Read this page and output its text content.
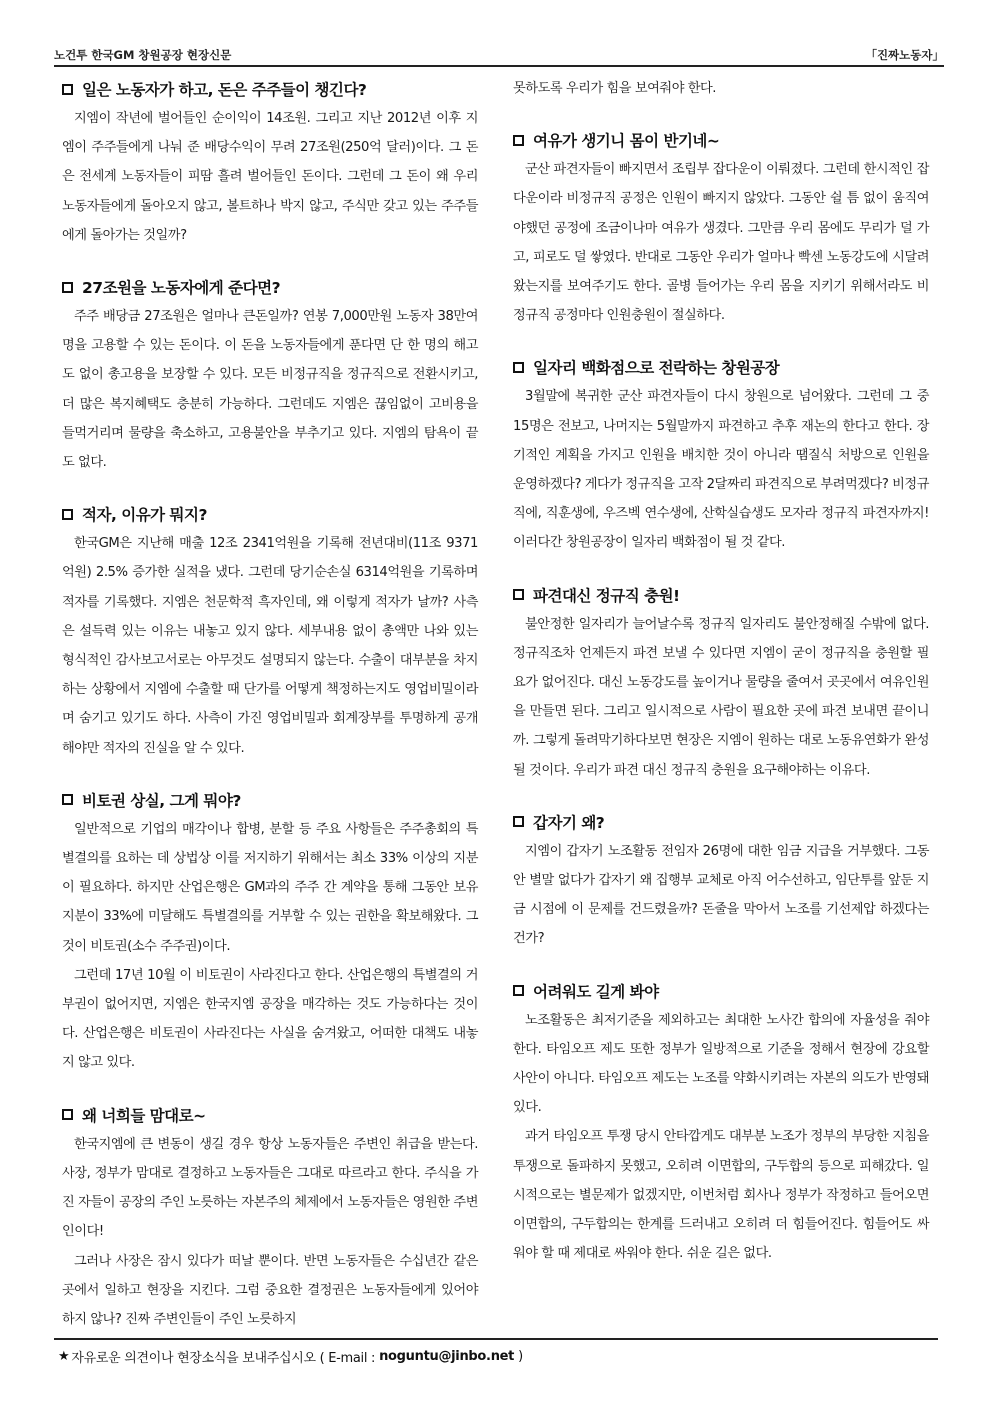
노건투 한국GM 창원공장 현장신문	「진짜노동자」
일은 노동자가 하고, 돈은 주주들이 챙긴다?

지엠이 작년에 벌어들인 순이익이 14조원. 그리고 지난 2012년 이후 지엠이 주주들에게 나눠 준 배당수익이 무려 27조원(250억 달러)이다. 그 돈은 전세계 노동자들이 피땀 흘려 벌어들인 돈이다. 그런데 그 돈이 왜 우리 노동자들에게 돌아오지 않고, 볼트하나 박지 않고, 주식만 갖고 있는 주주들에게 돌아가는 것일까?

27조원을 노동자에게 준다면?

주주 배당금 27조원은 얼마나 큰돈일까? 연봉 7,000만원 노동자 38만여 명을 고용할 수 있는 돈이다. 이 돈을 노동자들에게 푼다면 단 한 명의 해고도 없이 총고용을 보장할 수 있다. 모든 비정규직을 정규직으로 전환시키고, 더 많은 복지혜택도 충분히 가능하다. 그런데도 지엠은 끊임없이 고비용을 들먹거리며 물량을 축소하고, 고용불안을 부추기고 있다. 지엠의 탐욕이 끝도 없다.

적자, 이유가 뭐지?

한국GM은 지난해 매출 12조 2341억원을 기록해 전년대비(11조 9371억원) 2.5% 증가한 실적을 냈다. 그런데 당기순손실 6314억원을 기록하며 적자를 기록했다. 지엠은 천문학적 흑자인데, 왜 이렇게 적자가 날까? 사측은 설득력 있는 이유는 내놓고 있지 않다. 세부내용 없이 총액만 나와 있는 형식적인 감사보고서로는 아무것도 설명되지 않는다. 수출이 대부분을 차지하는 상황에서 지엠에 수출할 때 단가를 어떻게 책정하는지도 영업비밀이라며 숨기고 있기도 하다. 사측이 가진 영업비밀과 회계장부를 투명하게 공개해야만 적자의 진실을 알 수 있다.

비토권 상실, 그게 뭐야?

일반적으로 기업의 매각이나 합병, 분할 등 주요 사항들은 주주총회의 특별결의를 요하는 데 상법상 이를 저지하기 위해서는 최소 33% 이상의 지분이 필요하다. 하지만 산업은행은 GM과의 주주 간 계약을 통해 그동안 보유 지분이 33%에 미달해도 특별결의를 거부할 수 있는 권한을 확보해왔다. 그것이 비토권(소수 주주권)이다.

그런데 17년 10월 이 비토권이 사라진다고 한다. 산업은행의 특별결의 거부권이 없어지면, 지엠은 한국지엠 공장을 매각하는 것도 가능하다는 것이다. 산업은행은 비토권이 사라진다는 사실을 숨겨왔고, 어떠한 대책도 내놓지 않고 있다.

왜 너희들 맘대로~

한국지엠에 큰 변동이 생길 경우 항상 노동자들은 주변인 취급을 받는다. 사장, 정부가 맘대로 결정하고 노동자들은 그대로 따르라고 한다. 주식을 가진 자들이 공장의 주인 노릇하는 자본주의 체제에서 노동자들은 영원한 주변인이다!

그러나 사장은 잠시 있다가 떠날 뿐이다. 반면 노동자들은 수십년간 같은 곳에서 일하고 현장을 지킨다. 그럼 중요한 결정권은 노동자들에게 있어야 하지 않나? 진짜 주변인들이 주인 노릇하지

못하도록 우리가 힘을 보여줘야 한다.

여유가 생기니 몸이 반기네~

군산 파견자들이 빠지면서 조립부 잡다운이 이뤄졌다. 그런데 한시적인 잡다운이라 비정규직 공정은 인원이 빠지지 않았다. 그동안 쉴 틈 없이 움직여야했던 공정에 조금이나마 여유가 생겼다. 그만큼 우리 몸에도 무리가 덜 가고, 피로도 덜 쌓였다. 반대로 그동안 우리가 얼마나 빡센 노동강도에 시달려왔는지를 보여주기도 한다. 골병 들어가는 우리 몸을 지키기 위해서라도 비정규직 공정마다 인원충원이 절실하다.

일자리 백화점으로 전락하는 창원공장

3월말에 복귀한 군산 파견자들이 다시 창원으로 넘어왔다. 그런데 그 중 15명은 전보고, 나머지는 5월말까지 파견하고 추후 재논의 한다고 한다. 장기적인 계획을 가지고 인원을 배치한 것이 아니라 땜질식 처방으로 인원을 운영하겠다? 게다가 정규직을 고작 2달짜리 파견직으로 부려먹겠다? 비정규직에, 직훈생에, 우즈벡 연수생에, 산학실습생도 모자라 정규직 파견자까지! 이러다간 창원공장이 일자리 백화점이 될 것 같다.

파견대신 정규직 충원!

불안정한 일자리가 늘어날수록 정규직 일자리도 불안정해질 수밖에 없다. 정규직조차 언제든지 파견 보낼 수 있다면 지엠이 굳이 정규직을 충원할 필요가 없어진다. 대신 노동강도를 높이거나 물량을 줄여서 곳곳에서 여유인원을 만들면 된다. 그리고 일시적으로 사람이 필요한 곳에 파견 보내면 끝이니까. 그렇게 돌려막기하다보면 현장은 지엠이 원하는 대로 노동유연화가 완성될 것이다. 우리가 파견 대신 정규직 충원을 요구해야하는 이유다.

갑자기 왜?

지엠이 갑자기 노조활동 전임자 26명에 대한 임금 지급을 거부했다. 그동안 별말 없다가 갑자기 왜 집행부 교체로 아직 어수선하고, 임단투를 앞둔 지금 시점에 이 문제를 건드렸을까? 돈줄을 막아서 노조를 기선제압 하겠다는 건가?

어려워도 길게 봐야

노조활동은 최저기준을 제외하고는 최대한 노사간 합의에 자율성을 줘야 한다. 타임오프 제도 또한 정부가 일방적으로 기준을 정해서 현장에 강요할 사안이 아니다. 타임오프 제도는 노조를 약화시키려는 자본의 의도가 반영돼 있다.

과거 타임오프 투쟁 당시 안타깝게도 대부분 노조가 정부의 부당한 지침을 투쟁으로 돌파하지 못했고, 오히려 이면합의, 구두합의 등으로 피해갔다. 일시적으로는 별문제가 없겠지만, 이번처럼 회사나 정부가 작정하고 들어오면 이면합의, 구두합의는 한계를 드러내고 오히려 더 힘들어진다. 힘들어도 싸워야 할 때 제대로 싸워야 한다. 쉬운 길은 없다.

★ 자유로운 의견이나 현장소식을 보내주십시오 ( E-mail : noguntu@jinbo.net )
